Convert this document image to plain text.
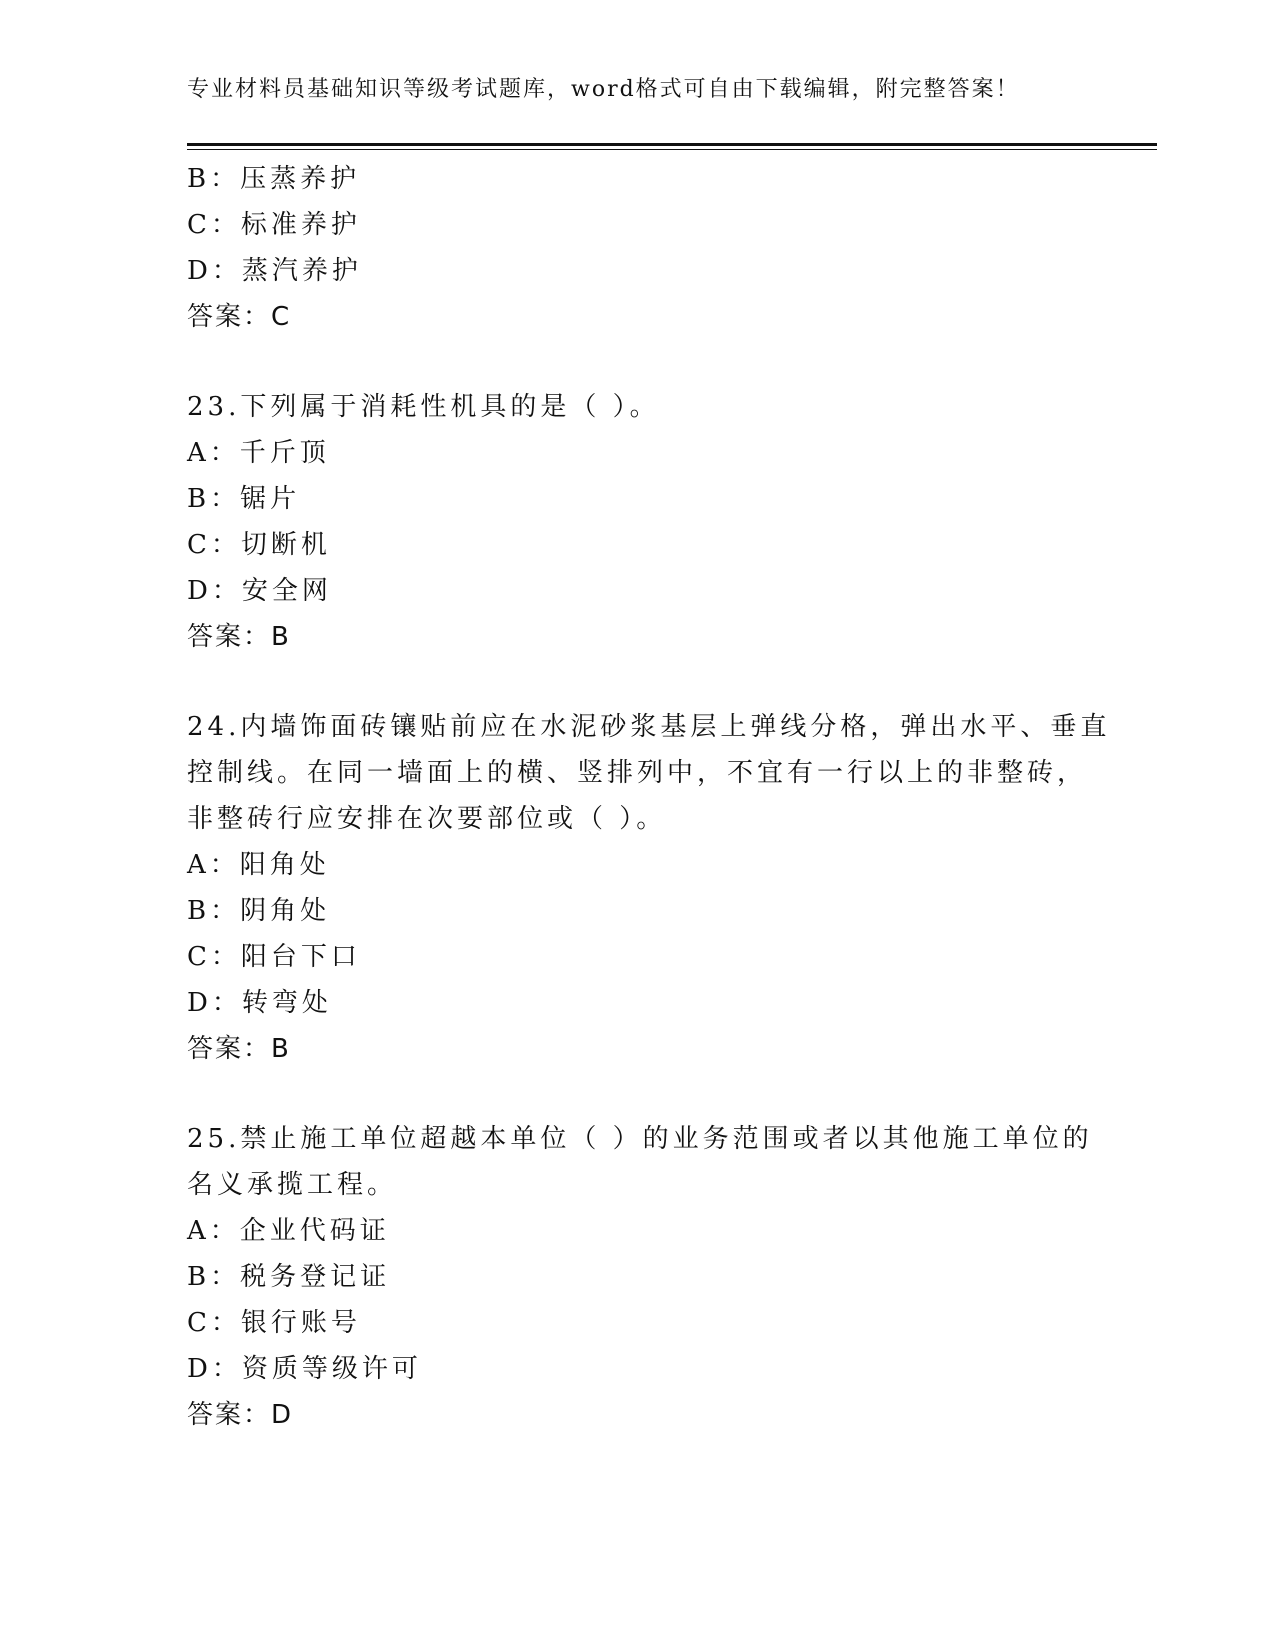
专业材料员基础知识等级考试题库，word格式可自由下载编辑，附完整答案！
B：压蒸养护
C：标准养护
D：蒸汽养护
答案：C
23.下列属于消耗性机具的是（ ）。
A：千斤顶
B：锯片
C：切断机
D：安全网
答案：B
24.内墙饰面砖镶贴前应在水泥砂浆基层上弹线分格，弹出水平、垂直
控制线。在同一墙面上的横、竖排列中，不宜有一行以上的非整砖，
非整砖行应安排在次要部位或（ ）。
A：阳角处
B：阴角处
C：阳台下口
D：转弯处
答案：B
25.禁止施工单位超越本单位（ ）的业务范围或者以其他施工单位的
名义承揽工程。
A：企业代码证
B：税务登记证
C：银行账号
D：资质等级许可
答案：D
